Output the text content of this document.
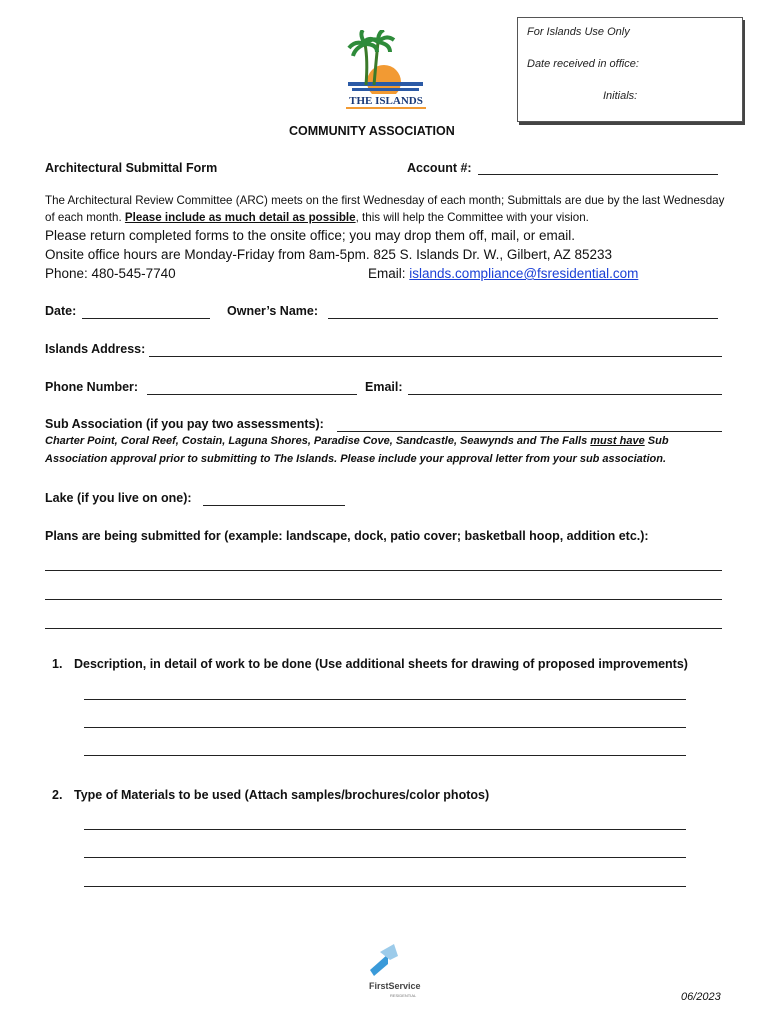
For Islands Use Only
Date received in office:
Initials:
THE ISLANDS
COMMUNITY ASSOCIATION
Architectural Submittal Form	Account #:
The Architectural Review Committee (ARC) meets on the first Wednesday of each month; Submittals are due by the last Wednesday of each month. Please include as much detail as possible, this will help the Committee with your vision.
Please return completed forms to the onsite office; you may drop them off, mail, or email.
Onsite office hours are Monday-Friday from 8am-5pm. 825 S. Islands Dr. W., Gilbert, AZ 85233
Phone: 480-545-7740	Email: islands.compliance@fsresidential.com
Date:	Owner’s Name:
Islands Address:
Phone Number:	Email:
Sub Association (if you pay two assessments):
Charter Point, Coral Reef, Costain, Laguna Shores, Paradise Cove, Sandcastle, Seawynds and The Falls must have Sub
Association approval prior to submitting to The Islands. Please include your approval letter from your sub association.
Lake (if you live on one):
Plans are being submitted for (example: landscape, dock, patio cover; basketball hoop, addition etc.):
1. Description, in detail of work to be done (Use additional sheets for drawing of proposed improvements)
2. Type of Materials to be used (Attach samples/brochures/color photos)
FirstService
RESIDENTIAL	06/2023
